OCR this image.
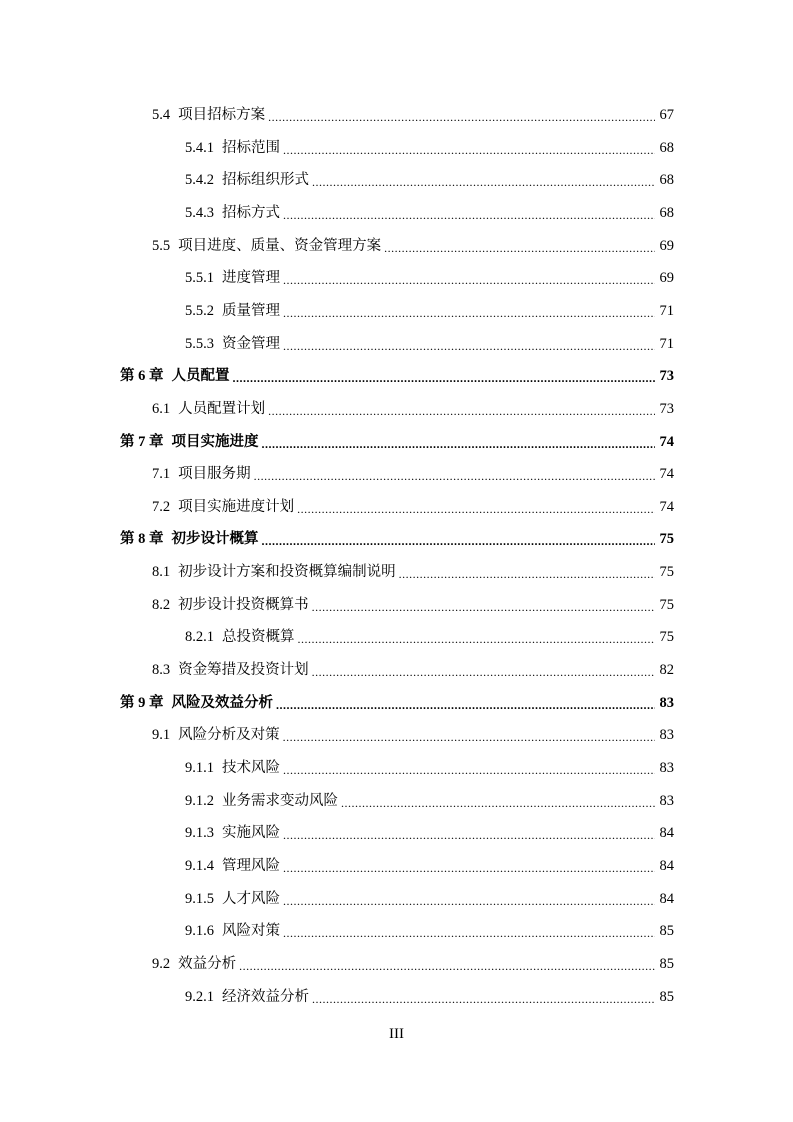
5.4 项目招标方案 .....	67
5.4.1 招标范围 .....	68
5.4.2 招标组织形式 .....	68
5.4.3 招标方式 .....	68
5.5 项目进度、质量、资金管理方案 .....	69
5.5.1 进度管理 .....	69
5.5.2 质量管理 .....	71
5.5.3 资金管理 .....	71
第 6 章 人员配置 .....	73
6.1 人员配置计划 .....	73
第 7 章 项目实施进度 .....	74
7.1 项目服务期 .....	74
7.2 项目实施进度计划 .....	74
第 8 章 初步设计概算 .....	75
8.1 初步设计方案和投资概算编制说明 .....	75
8.2 初步设计投资概算书 .....	75
8.2.1 总投资概算 .....	75
8.3 资金筹措及投资计划 .....	82
第 9 章 风险及效益分析 .....	83
9.1 风险分析及对策 .....	83
9.1.1 技术风险 .....	83
9.1.2 业务需求变动风险 .....	83
9.1.3 实施风险 .....	84
9.1.4 管理风险 .....	84
9.1.5 人才风险 .....	84
9.1.6 风险对策 .....	85
9.2 效益分析 .....	85
9.2.1 经济效益分析 .....	85
III
